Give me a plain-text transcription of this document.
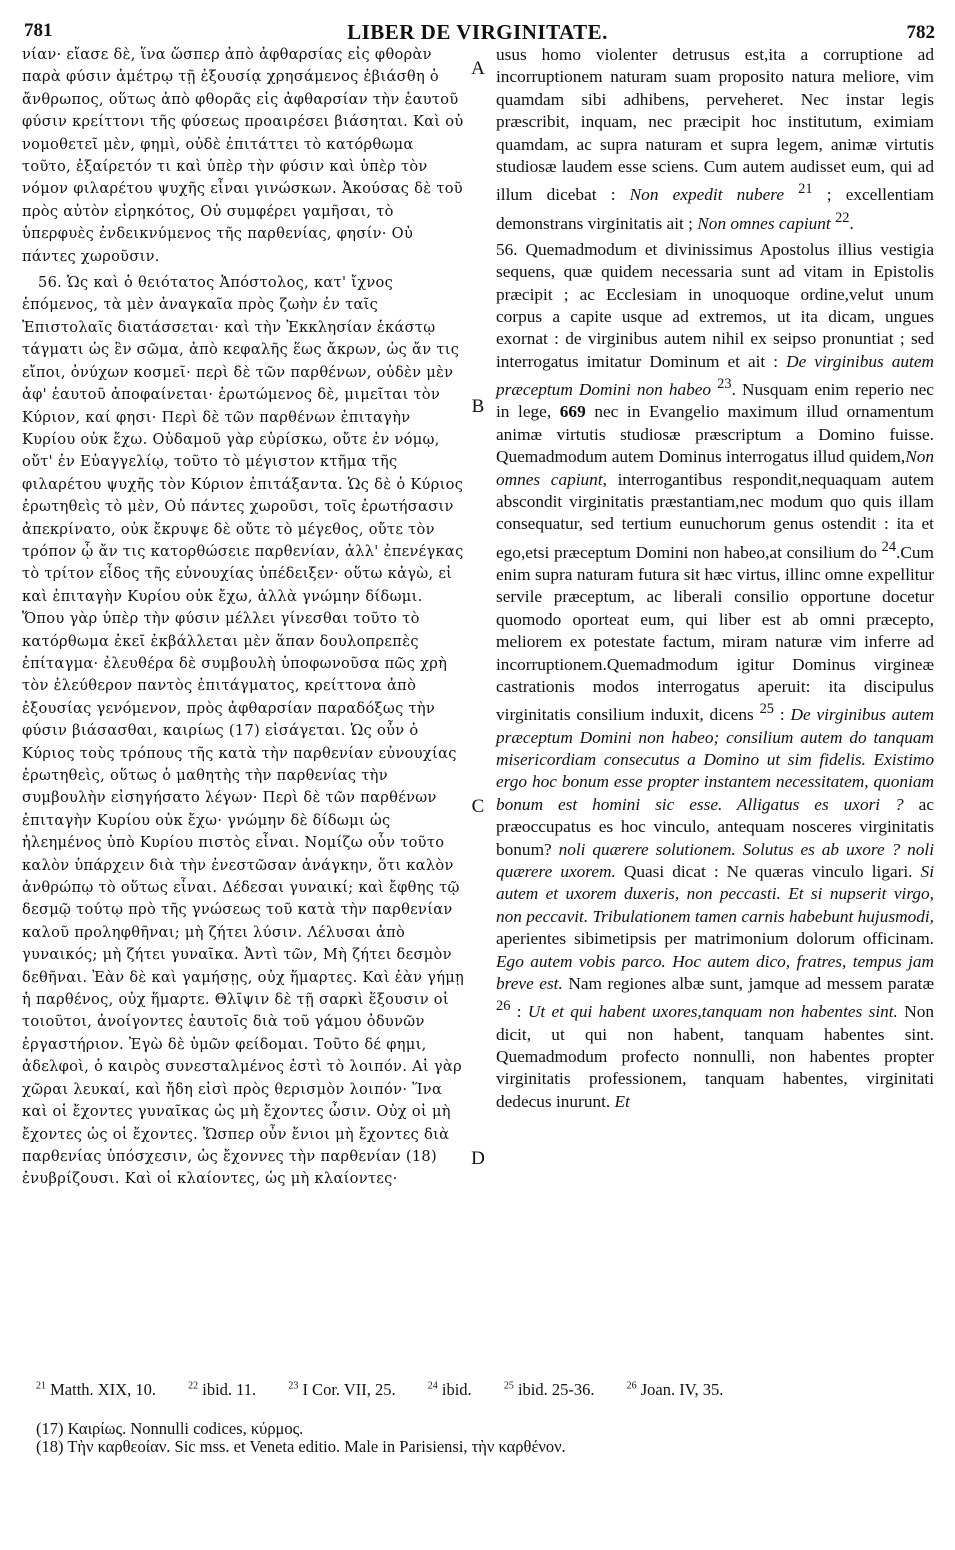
781	LIBER DE VIRGINITATE.	782

νίαν· εἴασε δὲ, ἵνα ὥσπερ ἀπὸ ἀφθαρσίας εἰς φθορὰν παρὰ φύσιν ἀμέτρῳ τῇ ἐξουσίᾳ χρησάμενος ἐβιάσθη ὁ ἄνθρωπος, οὕτως ἀπὸ φθορᾶς εἰς ἀφθαρσίαν τὴν ἑαυτοῦ φύσιν κρείττονι τῆς φύσεως προαιρέσει βιάσηται. Καὶ οὐ νομοθετεῖ μὲν, φημὶ, οὐδὲ ἐπιτάττει τὸ κατόρθωμα τοῦτο, ἐξαίρετόν τι καὶ ὑπὲρ τὴν φύσιν καὶ ὑπὲρ τὸν νόμον φιλαρέτου ψυχῆς εἶναι γινώσκων. Ἀκούσας δὲ τοῦ πρὸς αὐτὸν εἰρηκότος, Οὐ συμφέρει γαμῆσαι, τὸ ὑπερφυὲς ἐνδεικνύμενος τῆς παρθενίας, φησίν· Οὐ πάντες χωροῦσιν.

56. Ὡς καὶ ὁ θειότατος Ἀπόστολος, κατ' ἴχνος ἑπόμενος, τὰ μὲν ἀναγκαῖα πρὸς ζωὴν ἐν ταῖς Ἐπιστολαῖς διατάσσεται· καὶ τὴν Ἐκκλησίαν ἑκάστῳ τάγματι ὡς ἓν σῶμα, ἀπὸ κεφαλῆς ἕως ἄκρων, ὡς ἄν τις εἴποι, ὀνύχων κοσμεῖ· περὶ δὲ τῶν παρθένων, οὐδὲν μὲν ἀφ' ἑαυτοῦ ἀποφαίνεται· ἐρωτώμενος δὲ, μιμεῖται τὸν Κύριον, καί φησι· Περὶ δὲ τῶν παρθένων ἐπιταγὴν Κυρίου οὐκ ἔχω. Οὐδαμοῦ γὰρ εὑρίσκω, οὔτε ἐν νόμῳ, οὔτ' ἐν Εὐαγγελίῳ, τοῦτο τὸ μέγιστον κτῆμα τῆς φιλαρέτου ψυχῆς τὸν Κύριον ἐπιτάξαντα. Ὡς δὲ ὁ Κύριος ἐρωτηθεὶς τὸ μὲν, Οὐ πάντες χωροῦσι, τοῖς ἐρωτήσασιν ἀπεκρίνατο, οὐκ ἔκρυψε δὲ οὔτε τὸ μέγεθος, οὔτε τὸν τρόπον ᾧ ἄν τις κατορθώσειε παρθενίαν, ἀλλ' ἐπενέγκας τὸ τρίτον εἶδος τῆς εὐνουχίας ὑπέδειξεν· οὕτω κἀγὼ, εἰ καὶ ἐπιταγὴν Κυρίου οὐκ ἔχω, ἀλλὰ γνώμην δίδωμι. Ὅπου γὰρ ὑπὲρ τὴν φύσιν μέλλει γίνεσθαι τοῦτο τὸ κατόρθωμα ἐκεῖ ἐκβάλλεται μὲν ἅπαν δουλοπρεπὲς ἐπίταγμα· ἐλευθέρα δὲ συμβουλὴ ὑποφωνοῦσα πῶς χρὴ τὸν ἐλεύθερον παντὸς ἐπιτάγματος, κρείττονα ἀπὸ ἐξουσίας γενόμενον, πρὸς ἀφθαρσίαν παραδόξως τὴν φύσιν βιάσασθαι, καιρίως (17) εἰσάγεται. Ὡς οὖν ὁ Κύριος τοὺς τρόπους τῆς κατὰ τὴν παρθενίαν εὐνουχίας ἐρωτηθεὶς, οὕτως ὁ μαθητὴς τὴν παρθενίας τὴν συμβουλὴν εἰσηγήσατο λέγων· Περὶ δὲ τῶν παρθένων ἐπιταγὴν Κυρίου οὐκ ἔχω· γνώμην δὲ δίδωμι ὡς ἠλεημένος ὑπὸ Κυρίου πιστὸς εἶναι. Νομίζω οὖν τοῦτο καλὸν ὑπάρχειν διὰ τὴν ἐνεστῶσαν ἀνάγκην, ὅτι καλὸν ἀνθρώπῳ τὸ οὕτως εἶναι. Δέδεσαι γυναικί; καὶ ἔφθης τῷ δεσμῷ τούτῳ πρὸ τῆς γνώσεως τοῦ κατὰ τὴν παρθενίαν καλοῦ προληφθῆναι; μὴ ζήτει λύσιν. Λέλυσαι ἀπὸ γυναικός; μὴ ζήτει γυναῖκα. Ἀντὶ τῶν, Μὴ ζήτει δεσμὸν δεθῆναι. Ἐὰν δὲ καὶ γαμήσῃς, οὐχ ἥμαρτες. Καὶ ἐὰν γήμῃ ἡ παρθένος, οὐχ ἥμαρτε. Θλῖψιν δὲ τῇ σαρκὶ ἕξουσιν οἱ τοιοῦτοι, ἀνοίγοντες ἑαυτοῖς διὰ τοῦ γάμου ὀδυνῶν ἐργαστήριον. Ἐγὼ δὲ ὑμῶν φείδομαι. Τοῦτο δέ φημι, ἀδελφοὶ, ὁ καιρὸς συνεσταλμένος ἐστὶ τὸ λοιπόν. Αἱ γὰρ χῶραι λευκαί, καὶ ἤδη εἰσὶ πρὸς θερισμὸν λοιπόν· Ἵνα καὶ οἱ ἔχοντες γυναῖκας ὡς μὴ ἔχοντες ὦσιν. Οὐχ οἱ μὴ ἔχοντες ὡς οἱ ἔχοντες. Ὥσπερ οὖν ἔνιοι μὴ ἔχοντες διὰ παρθενίας ὑπόσχεσιν, ὡς ἔχοννες τὴν παρθενίαν (18) ἐνυβρίζουσι. Καὶ οἱ κλαίοντες, ὡς μὴ κλαίοντες·

A
B
C
D

usus homo violenter detrusus est,ita a corruptione ad incorruptionem naturam suam proposito natura meliore, vim quamdam sibi adhibens, perveheret. Nec instar legis præscribit, inquam, nec præcipit hoc institutum, eximiam quamdam, ac supra naturam et supra legem, animæ virtutis studiosæ laudem esse sciens. Cum autem audisset eum, qui ad illum dicebat : Non expedit nubere $^{21}$ ; excellentiam demonstrans virginitatis ait ; Non omnes capiunt $^{22}$.

56. Quemadmodum et divinissimus Apostolus illius vestigia sequens, quæ quidem necessaria sunt ad vitam in Epistolis præcipit ; ac Ecclesiam in unoquoque ordine,velut unum corpus a capite usque ad extremos, ut ita dicam, ungues exornat : de virginibus autem nihil ex seipso pronuntiat ; sed interrogatus imitatur Dominum et ait : De virginibus autem præceptum Domini non habeo $^{23}$. Nusquam enim reperio nec in lege, 669 nec in Evangelio maximum illud ornamentum animæ virtutis studiosæ præscriptum a Domino fuisse. Quemadmodum autem Dominus interrogatus illud quidem,Non omnes capiunt, interrogantibus respondit,nequaquam autem abscondit virginitatis præstantiam,nec modum quo quis illam consequatur, sed tertium eunuchorum genus ostendit : ita et ego,etsi præceptum Domini non habeo,at consilium do $^{24}$.Cum enim supra naturam futura sit hæc virtus, illinc omne expellitur servile præceptum, ac liberali consilio opportune docetur quomodo oporteat eum, qui liber est ab omni præcepto, meliorem ex potestate factum, miram naturæ vim inferre ad incorruptionem.Quemadmodum igitur Dominus virgineæ castrationis modos interrogatus aperuit: ita discipulus virginitatis consilium induxit, dicens $^{25}$ : De virginibus autem præceptum Domini non habeo; consilium autem do tanquam misericordiam consecutus a Domino ut sim fidelis. Existimo ergo hoc bonum esse propter instantem necessitatem, quoniam bonum est homini sic esse. Alligatus es uxori ? ac præoccupatus es hoc vinculo, antequam nosceres virginitatis bonum? noli quærere solutionem. Solutus es ab uxore ? noli quærere uxorem. Quasi dicat : Ne quæras vinculo ligari. Si autem et uxorem duxeris, non peccasti. Et si nupserit virgo, non peccavit. Tribulationem tamen carnis habebunt hujusmodi, aperientes sibimetipsis per matrimonium dolorum officinam. Ego autem vobis parco. Hoc autem dico, fratres, tempus jam breve est. Nam regiones albæ sunt, jamque ad messem paratæ $^{26}$ : Ut et qui habent uxores,tanquam non habentes sint. Non dicit, ut qui non habent, tanquam habentes sint. Quemadmodum profecto nonnulli, non habentes propter virginitatis professionem, tanquam habentes, virginitati dedecus inurunt. Et

$^{21}$ Matth. XIX, 10.	$^{22}$ ibid. 11.	$^{23}$ I Cor. VII, 25.	$^{24}$ ibid.	$^{25}$ ibid. 25-36.	$^{26}$ Joan. IV, 35.
(17) Καιρίως. Nonnulli codices, κύρμος.
(18) Τὴν καρθεοίαν. Sic mss. et Veneta editio. Male in Parisiensi, τὴν καρθένον.
